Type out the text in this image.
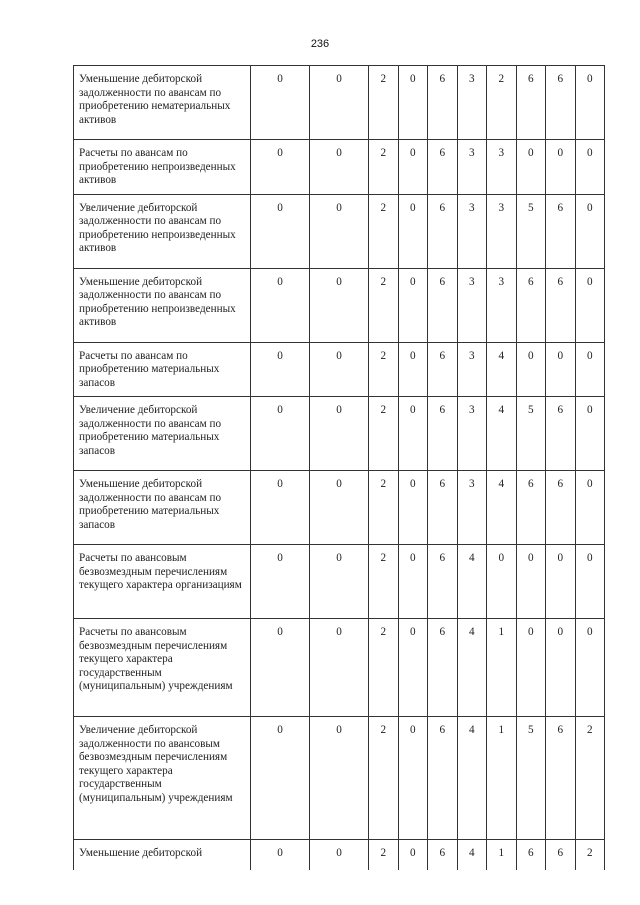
236
Уменьшение дебиторской задолженности по авансам по приобретению нематериальных активов	0	0	2	0	6	3	2	6	6	0
Расчеты по авансам по приобретению непроизведенных активов	0	0	2	0	6	3	3	0	0	0
Увеличение дебиторской задолженности по авансам по приобретению непроизведенных активов	0	0	2	0	6	3	3	5	6	0
Уменьшение дебиторской задолженности по авансам по приобретению непроизведенных активов	0	0	2	0	6	3	3	6	6	0
Расчеты по авансам по приобретению материальных запасов	0	0	2	0	6	3	4	0	0	0
Увеличение дебиторской задолженности по авансам по приобретению материальных запасов	0	0	2	0	6	3	4	5	6	0
Уменьшение дебиторской задолженности по авансам по приобретению материальных запасов	0	0	2	0	6	3	4	6	6	0
Расчеты по авансовым безвозмездным перечислениям текущего характера организациям	0	0	2	0	6	4	0	0	0	0
Расчеты по авансовым безвозмездным перечислениям текущего характера государственным (муниципальным) учреждениям	0	0	2	0	6	4	1	0	0	0
Увеличение дебиторской задолженности по авансовым безвозмездным перечислениям текущего характера государственным (муниципальным) учреждениям	0	0	2	0	6	4	1	5	6	2
Уменьшение дебиторской	0	0	2	0	6	4	1	6	6	2
